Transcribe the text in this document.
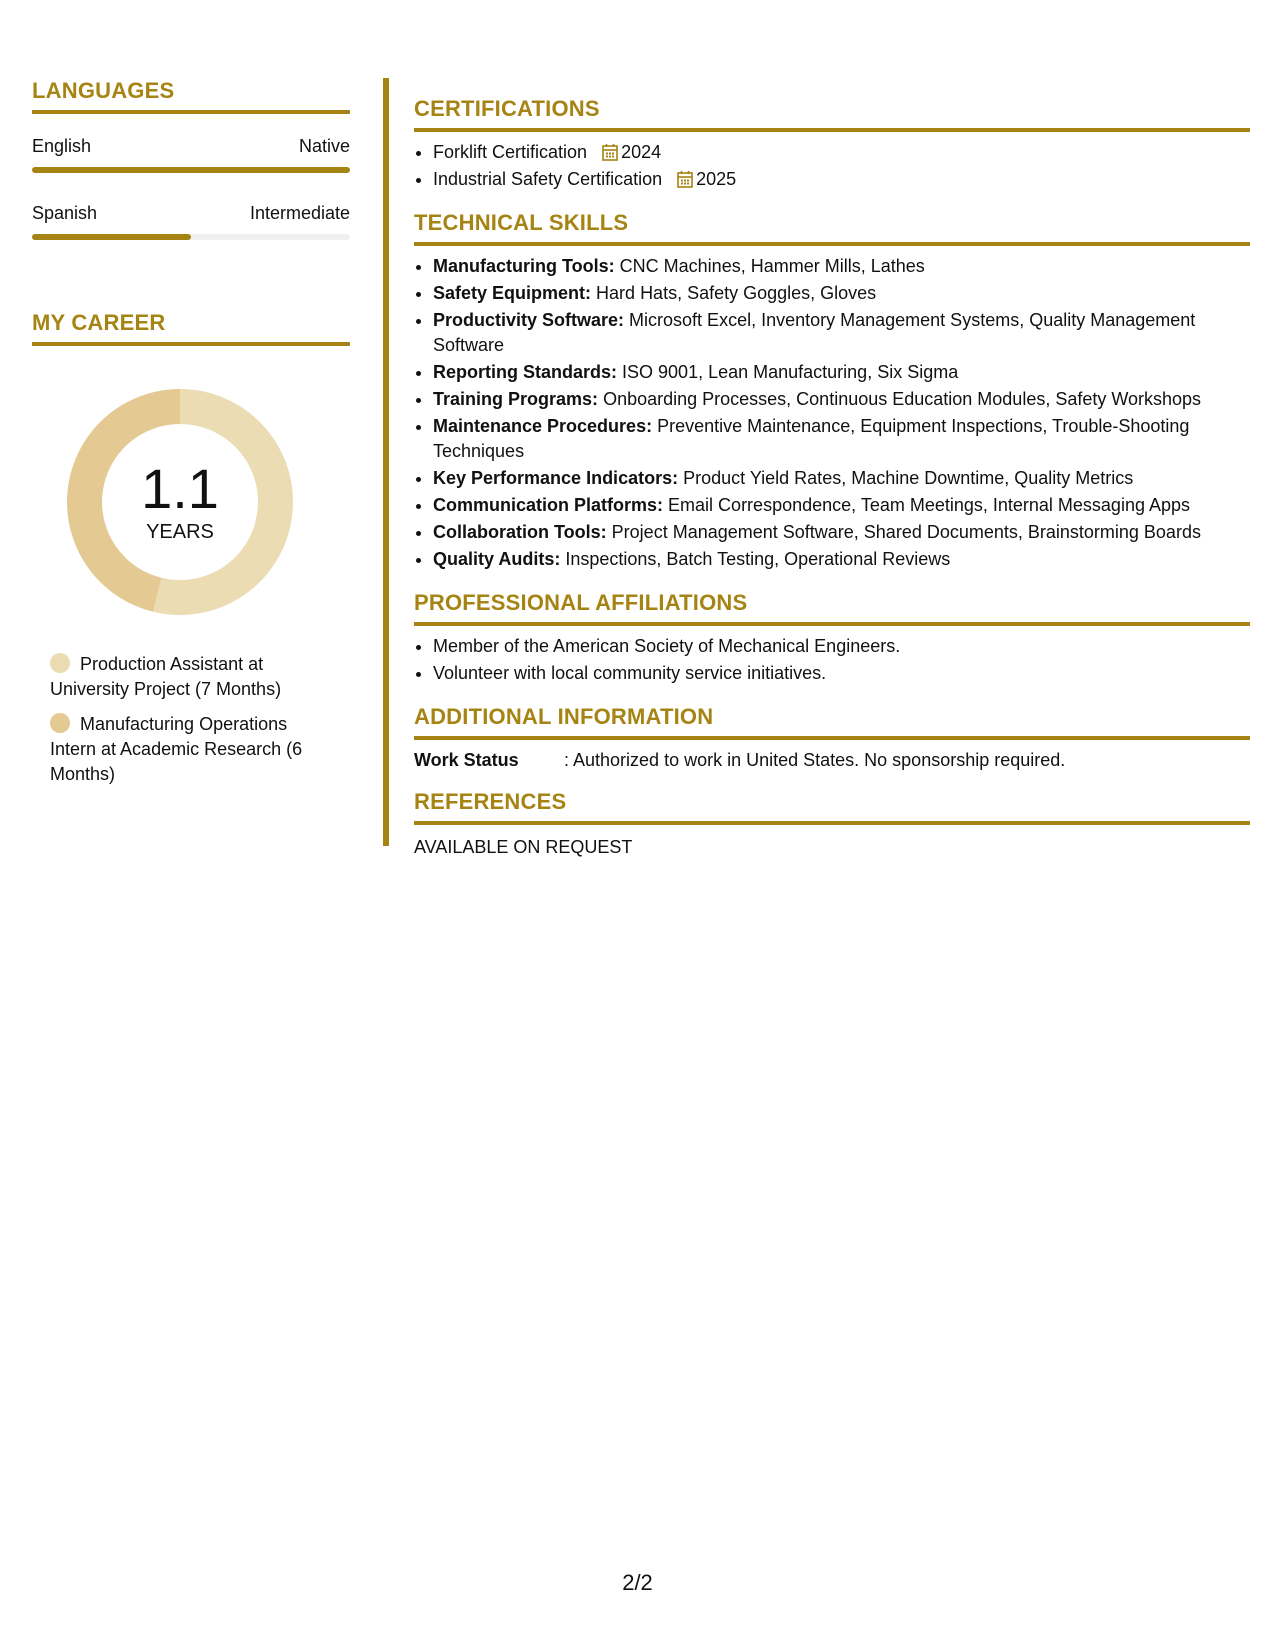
LANGUAGES
English	Native
Spanish	Intermediate
MY CAREER
1.1
YEARS
Production Assistant at University Project (7 Months)
Manufacturing Operations Intern at Academic Research (6 Months)
CERTIFICATIONS
• Forklift Certification 2024
• Industrial Safety Certification 2025
TECHNICAL SKILLS
• Manufacturing Tools: CNC Machines, Hammer Mills, Lathes
• Safety Equipment: Hard Hats, Safety Goggles, Gloves
• Productivity Software: Microsoft Excel, Inventory Management Systems, Quality Management Software
• Reporting Standards: ISO 9001, Lean Manufacturing, Six Sigma
• Training Programs: Onboarding Processes, Continuous Education Modules, Safety Workshops
• Maintenance Procedures: Preventive Maintenance, Equipment Inspections, Trouble-Shooting Techniques
• Key Performance Indicators: Product Yield Rates, Machine Downtime, Quality Metrics
• Communication Platforms: Email Correspondence, Team Meetings, Internal Messaging Apps
• Collaboration Tools: Project Management Software, Shared Documents, Brainstorming Boards
• Quality Audits: Inspections, Batch Testing, Operational Reviews
PROFESSIONAL AFFILIATIONS
• Member of the American Society of Mechanical Engineers.
• Volunteer with local community service initiatives.
ADDITIONAL INFORMATION
Work Status	: Authorized to work in United States. No sponsorship required.
REFERENCES
AVAILABLE ON REQUEST
2/2
